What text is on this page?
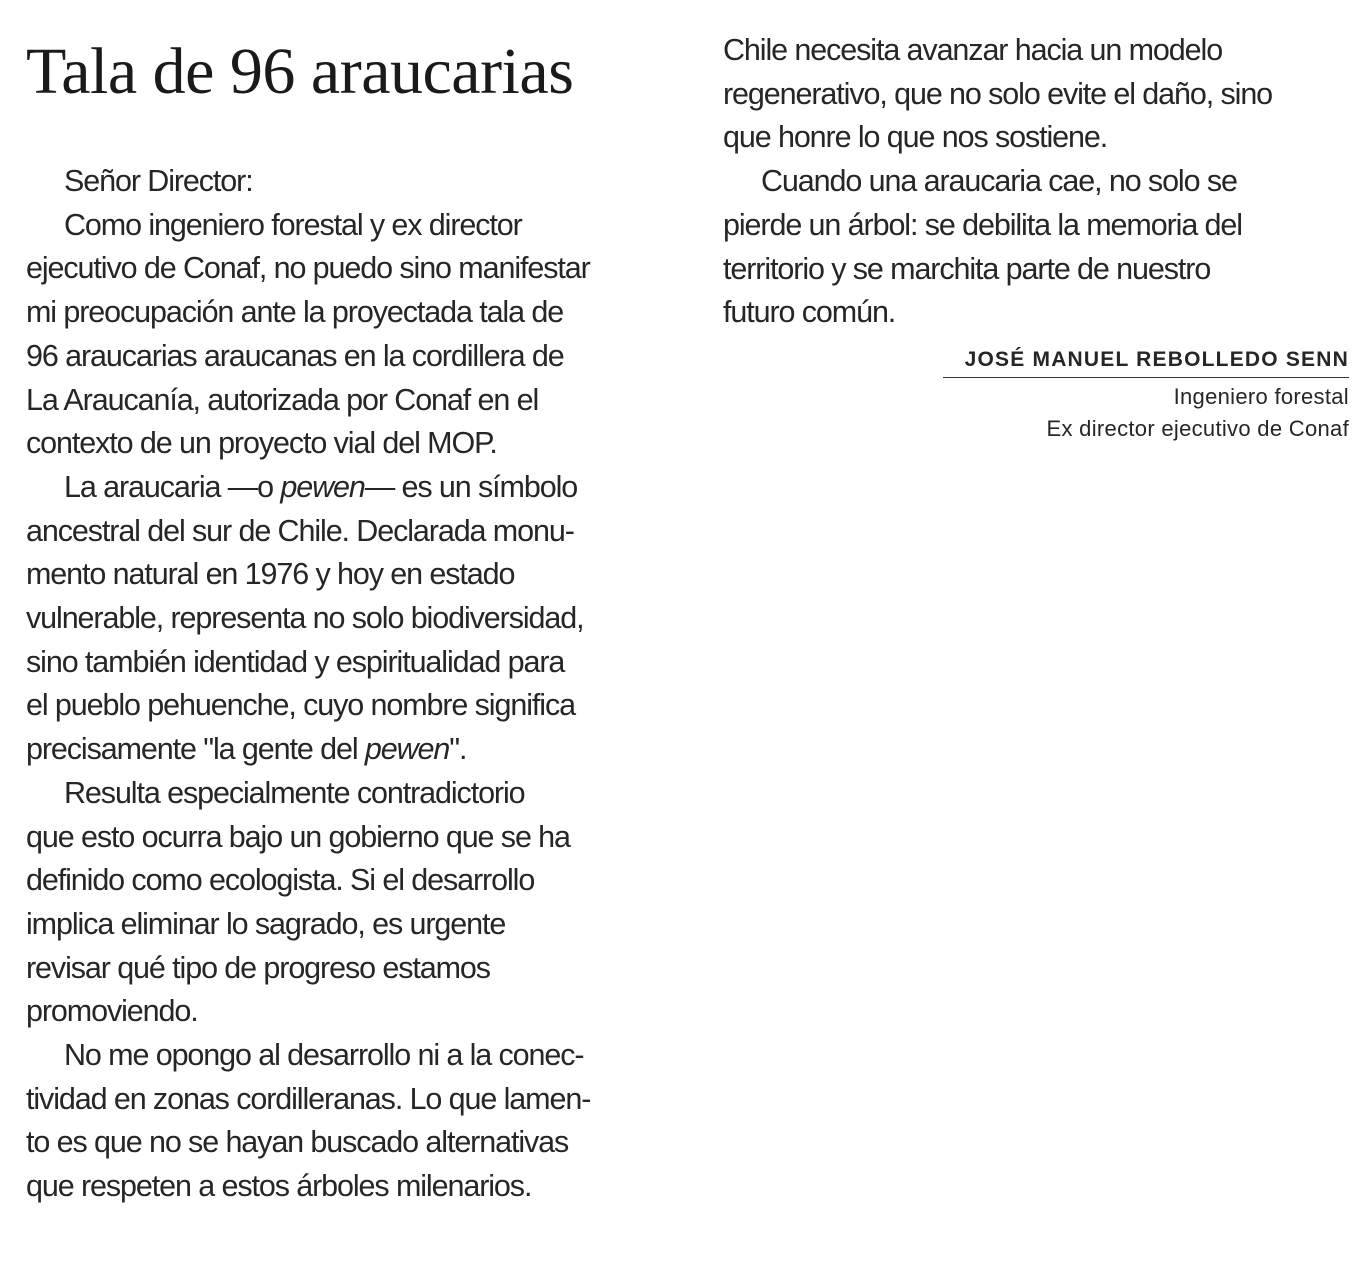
Tala de 96 araucarias
Señor Director:
Como ingeniero forestal y ex director
ejecutivo de Conaf, no puedo sino manifestar
mi preocupación ante la proyectada tala de
96 araucarias araucanas en la cordillera de
La Araucanía, autorizada por Conaf en el
contexto de un proyecto vial del MOP.
La araucaria —o pewen— es un símbolo
ancestral del sur de Chile. Declarada monu-
mento natural en 1976 y hoy en estado
vulnerable, representa no solo biodiversidad,
sino también identidad y espiritualidad para
el pueblo pehuenche, cuyo nombre significa
precisamente "la gente del pewen".
Resulta especialmente contradictorio
que esto ocurra bajo un gobierno que se ha
definido como ecologista. Si el desarrollo
implica eliminar lo sagrado, es urgente
revisar qué tipo de progreso estamos
promoviendo.
No me opongo al desarrollo ni a la conec-
tividad en zonas cordilleranas. Lo que lamen-
to es que no se hayan buscado alternativas
que respeten a estos árboles milenarios.
Chile necesita avanzar hacia un modelo
regenerativo, que no solo evite el daño, sino
que honre lo que nos sostiene.
Cuando una araucaria cae, no solo se
pierde un árbol: se debilita la memoria del
territorio y se marchita parte de nuestro
futuro común.
JOSÉ MANUEL REBOLLEDO SENN
Ingeniero forestal
Ex director ejecutivo de Conaf
